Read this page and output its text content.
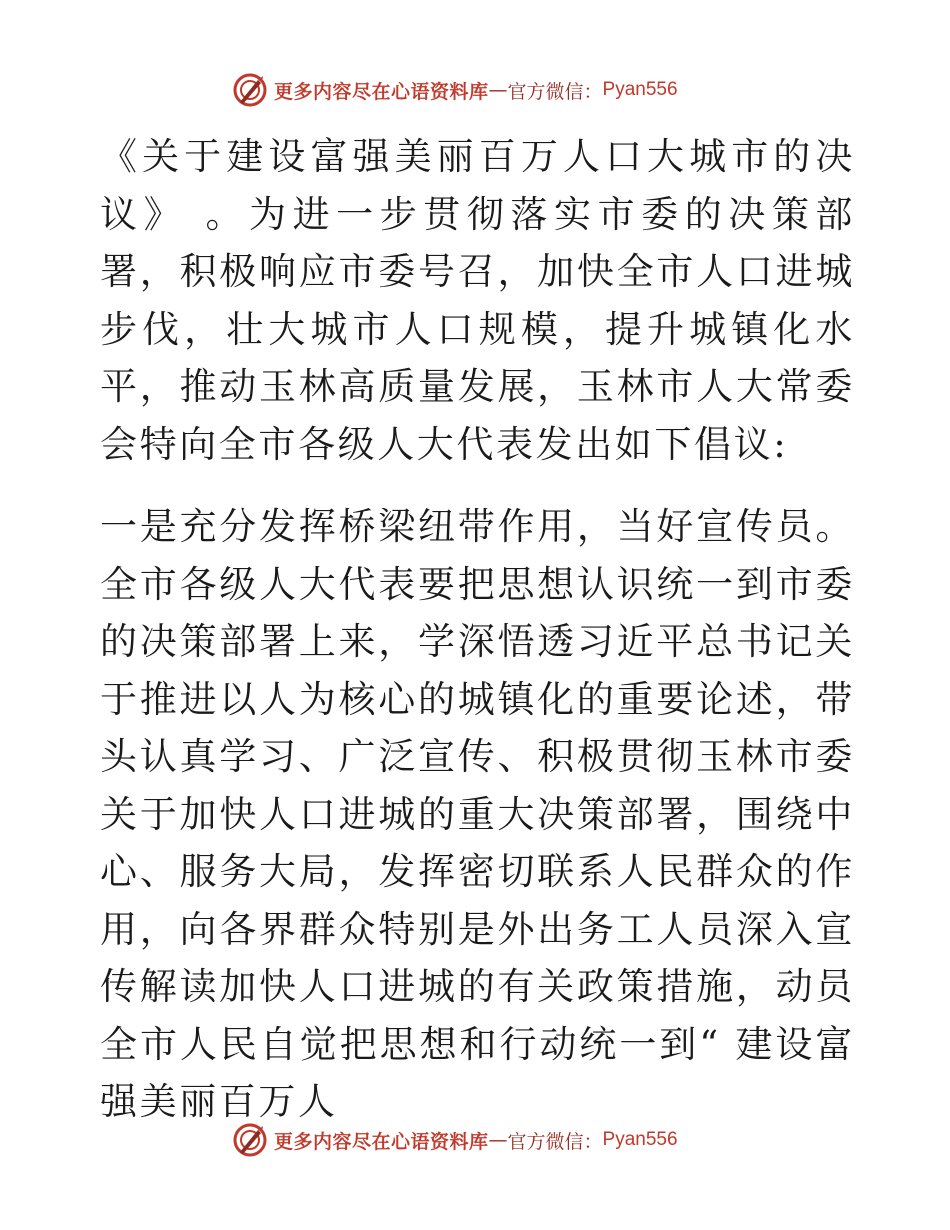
更多内容尽在心语资料库 — 官方微信： Pyan556

《关于建设富强美丽百万人口大城市的决议》 。为进一步贯彻落实市委的决策部署，积极响应市委号召，加快全市人口进城步伐，壮大城市人口规模，提升城镇化水平，推动玉林高质量发展，玉林市人大常委会特向全市各级人大代表发出如下倡议:

一是充分发挥桥梁纽带作用，当好宣传员。全市各级人大代表要把思想认识统一到市委的决策部署上来，学深悟透习近平总书记关于推进以人为核心的城镇化的重要论述，带头认真学习、广泛宣传、积极贯彻玉林市委关于加快人口进城的重大决策部署，围绕中心、服务大局，发挥密切联系人民群众的作用，向各界群众特别是外出务工人员深入宣传解读加快人口进城的有关政策措施，动员全市人民自觉把思想和行动统一到“ 建设富强美丽百万人

更多内容尽在心语资料库 — 官方微信： Pyan556
